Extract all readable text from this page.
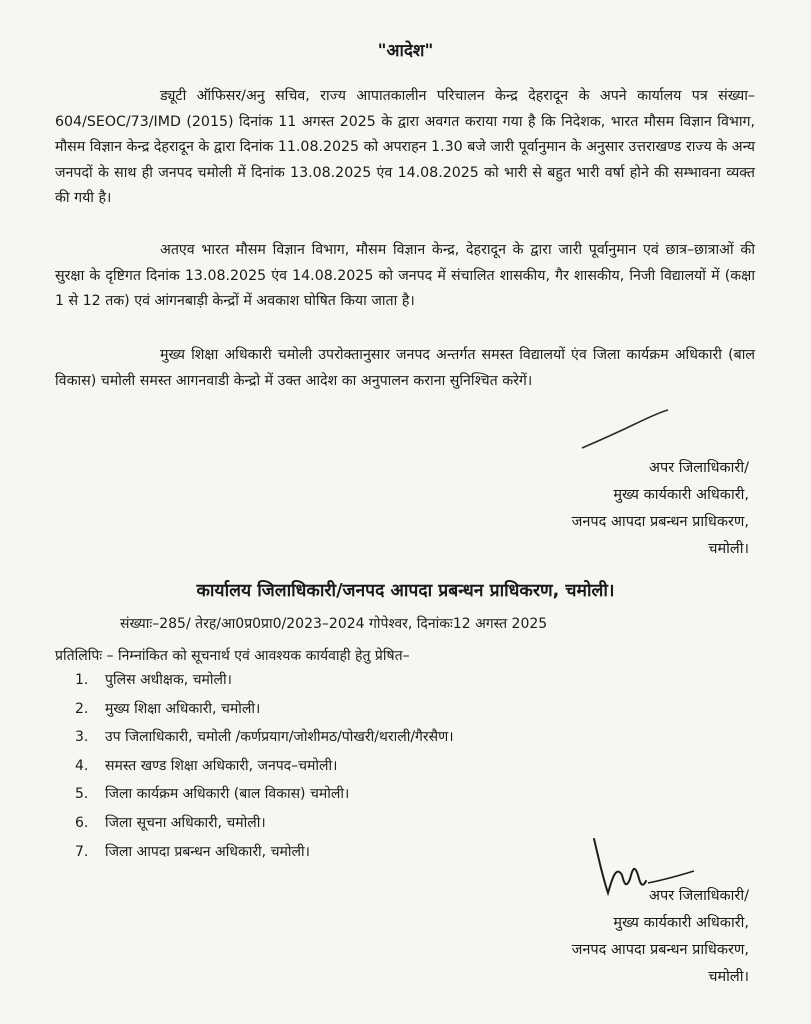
"आदेश"

ड्यूटी ऑफिसर/अनु सचिव, राज्य आपातकालीन परिचालन केन्द्र देहरादून के अपने कार्यालय पत्र संख्या–604/SEOC/73/IMD (2015) दिनांक 11 अगस्त 2025 के द्वारा अवगत कराया गया है कि निदेशक, भारत मौसम विज्ञान विभाग, मौसम विज्ञान केन्द्र देहरादून के द्वारा दिनांक 11.08.2025 को अपराहन 1.30 बजे जारी पूर्वानुमान के अनुसार उत्तराखण्ड राज्य के अन्य जनपदों के साथ ही जनपद चमोली में दिनांक 13.08.2025 एंव 14.08.2025 को भारी से बहुत भारी वर्षा होने की सम्भावना व्यक्त की गयी है।

अतएव भारत मौसम विज्ञान विभाग, मौसम विज्ञान केन्द्र, देहरादून के द्वारा जारी पूर्वानुमान एवं छात्र–छात्राओं की सुरक्षा के दृष्टिगत दिनांक 13.08.2025 एंव 14.08.2025 को जनपद में संचालित शासकीय, गैर शासकीय, निजी विद्यालयों में (कक्षा 1 से 12 तक) एवं आंगनबाड़ी केन्द्रों में अवकाश घोषित किया जाता है।

मुख्य शिक्षा अधिकारी चमोली उपरोक्तानुसार जनपद अन्तर्गत समस्त विद्यालयों एंव जिला कार्यक्रम अधिकारी (बाल विकास) चमोली समस्त आगनवाडी केन्द्रो में उक्त आदेश का अनुपालन कराना सुनिश्चित करेगें।

अपर जिलाधिकारी/
मुख्य कार्यकारी अधिकारी,
जनपद आपदा प्रबन्धन प्राधिकरण,
चमोली।
कार्यालय जिलाधिकारी/जनपद आपदा प्रबन्धन प्राधिकरण, चमोली।
संख्याः–285/ तेरह/आ0प्र0प्रा0/2023–2024 गोपेश्वर, दिनांकः12 अगस्त 2025
प्रतिलिपिः – निम्नांकित को सूचनार्थ एवं आवश्यक कार्यवाही हेतु प्रेषित–
1. पुलिस अधीक्षक, चमोली।
2. मुख्य शिक्षा अधिकारी, चमोली।
3. उप जिलाधिकारी, चमोली /कर्णप्रयाग/जोशीमठ/पोखरी/थराली/गैरसैण।
4. समस्त खण्ड शिक्षा अधिकारी, जनपद–चमोली।
5. जिला कार्यक्रम अधिकारी (बाल विकास) चमोली।
6. जिला सूचना अधिकारी, चमोली।
7. जिला आपदा प्रबन्धन अधिकारी, चमोली।
अपर जिलाधिकारी/
मुख्य कार्यकारी अधिकारी,
जनपद आपदा प्रबन्धन प्राधिकरण,
चमोली।
